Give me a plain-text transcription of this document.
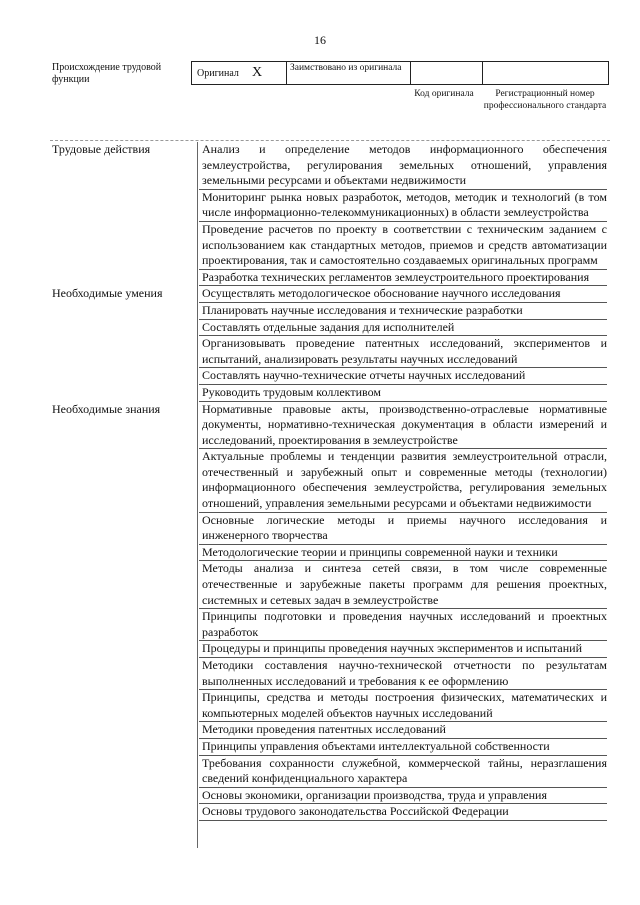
16
Происхождение трудовой функции
Оригинал X	Заимствовано из оригинала
Код оригинала	Регистрационный номер профессионального стандарта
Трудовые действия
Необходимые умения
Необходимые знания
Анализ и определение методов информационного обеспечения землеустройства, регулирования земельных отношений, управления земельными ресурсами и объектами недвижимости
Мониторинг рынка новых разработок, методов, методик и технологий (в том числе информационно-телекоммуникационных) в области землеустройства
Проведение расчетов по проекту в соответствии с техническим заданием с использованием как стандартных методов, приемов и средств автоматизации проектирования, так и самостоятельно создаваемых оригинальных программ
Разработка технических регламентов землеустроительного проектирования
Осуществлять методологическое обоснование научного исследования
Планировать научные исследования и технические разработки
Составлять отдельные задания для исполнителей
Организовывать проведение патентных исследований, экспериментов и испытаний, анализировать результаты научных исследований
Составлять научно-технические отчеты научных исследований
Руководить трудовым коллективом
Нормативные правовые акты, производственно-отраслевые нормативные документы, нормативно-техническая документация в области измерений и исследований, проектирования в землеустройстве
Актуальные проблемы и тенденции развития землеустроительной отрасли, отечественный и зарубежный опыт и современные методы (технологии) информационного обеспечения землеустройства, регулирования земельных отношений, управления земельными ресурсами и объектами недвижимости
Основные логические методы и приемы научного исследования и инженерного творчества
Методологические теории и принципы современной науки и техники
Методы анализа и синтеза сетей связи, в том числе современные отечественные и зарубежные пакеты программ для решения проектных, системных и сетевых задач в землеустройстве
Принципы подготовки и проведения научных исследований и проектных разработок
Процедуры и принципы проведения научных экспериментов и испытаний
Методики составления научно-технической отчетности по результатам выполненных исследований и требования к ее оформлению
Принципы, средства и методы построения физических, математических и компьютерных моделей объектов научных исследований
Методики проведения патентных исследований
Принципы управления объектами интеллектуальной собственности
Требования сохранности служебной, коммерческой тайны, неразглашения сведений конфиденциального характера
Основы экономики, организации производства, труда и управления
Основы трудового законодательства Российской Федерации
